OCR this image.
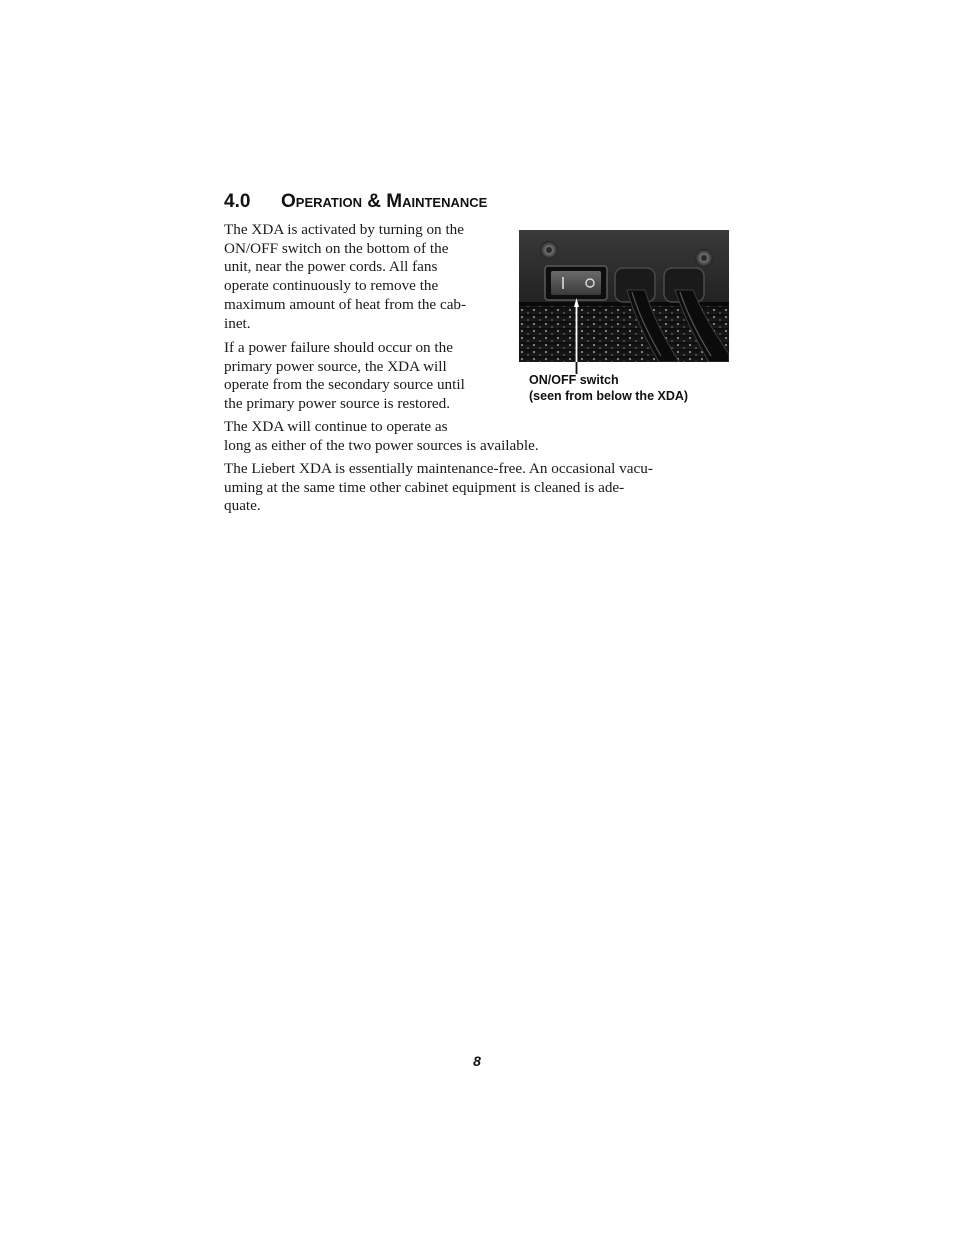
4.0 Operation & Maintenance

The XDA is activated by turning on the
ON/OFF switch on the bottom of the
unit, near the power cords. All fans
operate continuously to remove the
maximum amount of heat from the cab-
inet.

If a power failure should occur on the
primary power source, the XDA will
operate from the secondary source until
the primary power source is restored.

The XDA will continue to operate as
long as either of the two power sources is available.

The Liebert XDA is essentially maintenance-free. An occasional vacu-
uming at the same time other cabinet equipment is cleaned is ade-
quate.

ON/OFF switch
(seen from below the XDA)

8
